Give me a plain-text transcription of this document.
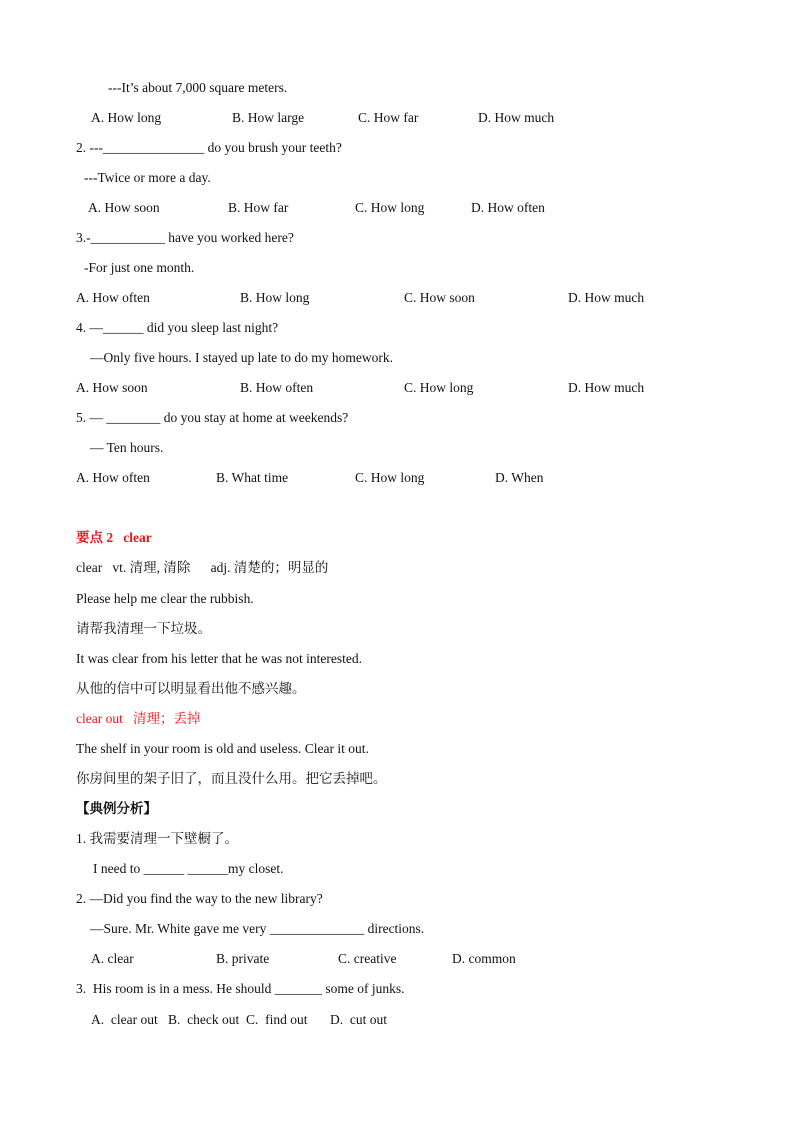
---It’s about 7,000 square meters.
A. How long	B. How large	C. How far	D. How much
2. ---_______________ do you brush your teeth?
---Twice or more a day.
A. How soon	B. How far	C. How long	D. How often
3.-___________ have you worked here?
-For just one month.
A. How often	B. How long	C. How soon	D. How much
4. —______ did you sleep last night?
—Only five hours. I stayed up late to do my homework.
A. How soon	B. How often	C. How long	D. How much
5. — ________ do you stay at home at weekends?
— Ten hours.
A. How often	B. What time	C. How long	D. When
要点 2   clear
clear   vt. 清理, 清除      adj. 清楚的；明显的
Please help me clear the rubbish.
请帮我清理一下垃圾。
It was clear from his letter that he was not interested.
从他的信中可以明显看出他不感兴趣。
clear out   清理；丢掉
The shelf in your room is old and useless. Clear it out.
你房间里的架子旧了，而且没什么用。把它丢掉吧。
【典例分析】
1. 我需要清理一下壁橱了。
I need to ______ ______my closet.
2. —Did you find the way to the new library?
—Sure. Mr. White gave me very ______________ directions.
A. clear	B. private	C. creative	D. common
3.  His room is in a mess. He should _______ some of junks.
A.  clear out B.  check out C.  find out D.  cut out
